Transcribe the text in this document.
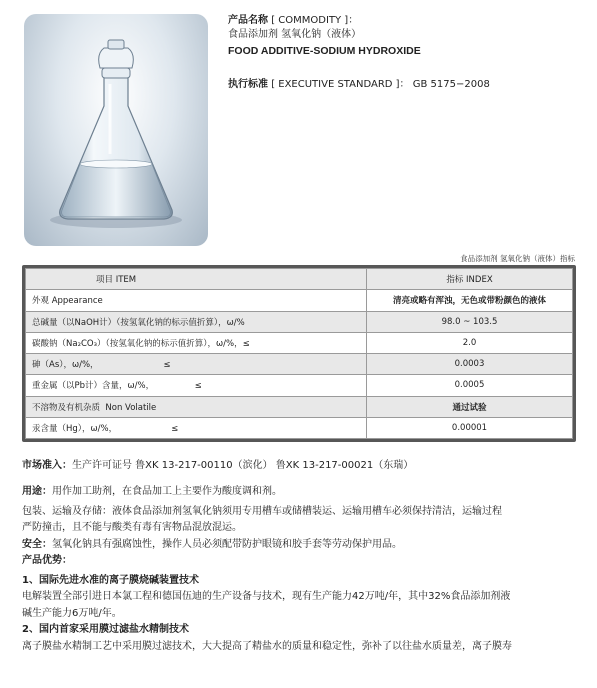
产品名称 [ COMMODITY ]：
食品添加剂 氢氧化钠（液体）
FOOD ADDITIVE-SODIUM HYDROXIDE
执行标准 [ EXECUTIVE STANDARD ]： GB 5175−2008
食品添加剂 氢氧化钠（液体）指标
项目 ITEM	指标 INDEX
外观 Appearance	清亮或略有浑浊，无色或带粉颜色的液体
总碱量（以NaOH计）（按氢氧化钠的标示值折算），ω/%	98.0 ~ 103.5
碳酸钠（Na₂CO₃）（按氢氧化钠的标示值折算），ω/%，≤	2.0
砷（As），ω/%，                        ≤	0.0003
重金属（以Pb计）含量，ω/%，               ≤	0.0005
不溶物及有机杂质  Non Volatile	通过试验
汞含量（Hg），ω/%，                    ≤	0.00001
市场准入：生产许可证号 鲁XK 13-217-00110（滨化） 鲁XK 13-217-00021（东瑞）

用途：用作加工助剂，在食品加工上主要作为酸度调和剂。

包装、运输及存储：液体食品添加剂氢氧化钠须用专用槽车或储槽装运、运输用槽车必须保持清洁，运输过程

严防撞击，且不能与酸类有毒有害物品混放混运。

安全：氢氧化钠具有强腐蚀性，操作人员必须配带防护眼镜和胶手套等劳动保护用品。

产品优势：

1、国际先进水准的离子膜烧碱装置技术

电解装置全部引进日本氯工程和德国伍迪的生产设备与技术，现有生产能力42万吨/年，其中32%食品添加剂液

碱生产能力6万吨/年。

2、国内首家采用膜过滤盐水精制技术

离子膜盐水精制工艺中采用膜过滤技术，大大提高了精盐水的质量和稳定性，弥补了以往盐水质量差，离子膜寿
